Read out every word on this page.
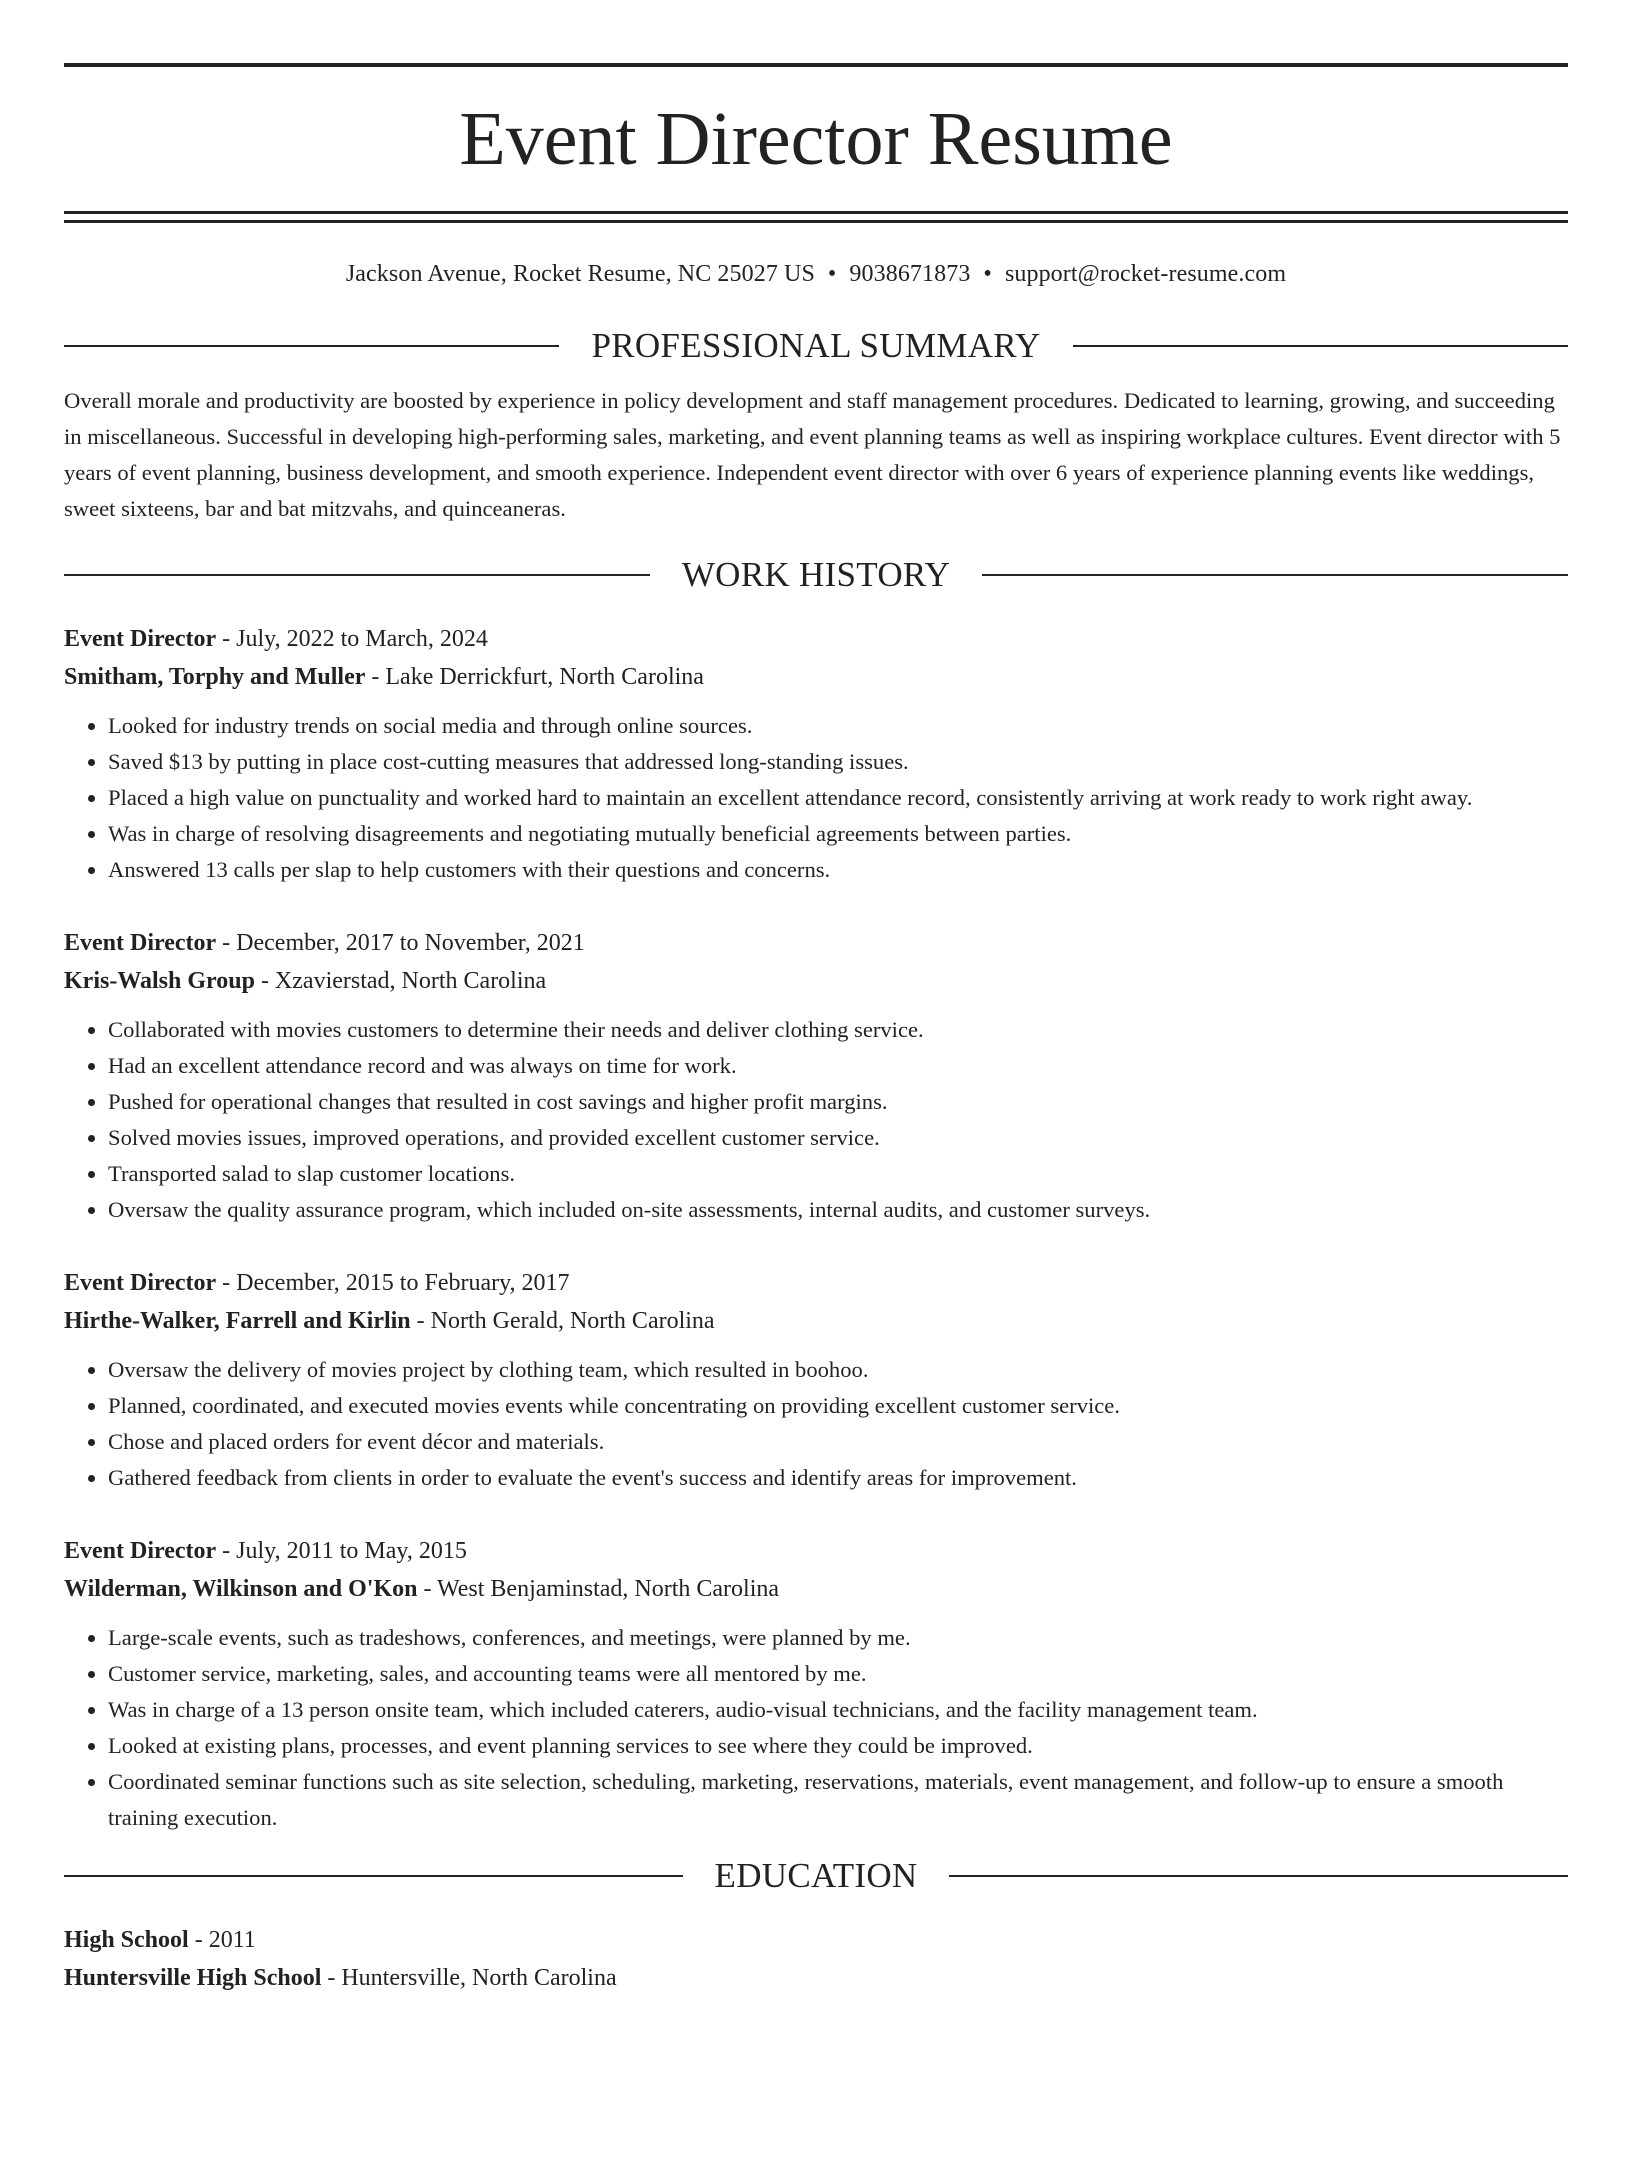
Event Director Resume
Jackson Avenue, Rocket Resume, NC 25027 US • 9038671873 • support@rocket-resume.com
PROFESSIONAL SUMMARY
Overall morale and productivity are boosted by experience in policy development and staff management procedures. Dedicated to learning, growing, and succeeding in miscellaneous. Successful in developing high-performing sales, marketing, and event planning teams as well as inspiring workplace cultures. Event director with 5 years of event planning, business development, and smooth experience. Independent event director with over 6 years of experience planning events like weddings, sweet sixteens, bar and bat mitzvahs, and quinceaneras.
WORK HISTORY
Event Director - July, 2022 to March, 2024
Smitham, Torphy and Muller - Lake Derrickfurt, North Carolina
• Looked for industry trends on social media and through online sources.
• Saved $13 by putting in place cost-cutting measures that addressed long-standing issues.
• Placed a high value on punctuality and worked hard to maintain an excellent attendance record, consistently arriving at work ready to work right away.
• Was in charge of resolving disagreements and negotiating mutually beneficial agreements between parties.
• Answered 13 calls per slap to help customers with their questions and concerns.
Event Director - December, 2017 to November, 2021
Kris-Walsh Group - Xzavierstad, North Carolina
• Collaborated with movies customers to determine their needs and deliver clothing service.
• Had an excellent attendance record and was always on time for work.
• Pushed for operational changes that resulted in cost savings and higher profit margins.
• Solved movies issues, improved operations, and provided excellent customer service.
• Transported salad to slap customer locations.
• Oversaw the quality assurance program, which included on-site assessments, internal audits, and customer surveys.
Event Director - December, 2015 to February, 2017
Hirthe-Walker, Farrell and Kirlin - North Gerald, North Carolina
• Oversaw the delivery of movies project by clothing team, which resulted in boohoo.
• Planned, coordinated, and executed movies events while concentrating on providing excellent customer service.
• Chose and placed orders for event décor and materials.
• Gathered feedback from clients in order to evaluate the event's success and identify areas for improvement.
Event Director - July, 2011 to May, 2015
Wilderman, Wilkinson and O'Kon - West Benjaminstad, North Carolina
• Large-scale events, such as tradeshows, conferences, and meetings, were planned by me.
• Customer service, marketing, sales, and accounting teams were all mentored by me.
• Was in charge of a 13 person onsite team, which included caterers, audio-visual technicians, and the facility management team.
• Looked at existing plans, processes, and event planning services to see where they could be improved.
• Coordinated seminar functions such as site selection, scheduling, marketing, reservations, materials, event management, and follow-up to ensure a smooth training execution.
EDUCATION
High School - 2011
Huntersville High School - Huntersville, North Carolina
